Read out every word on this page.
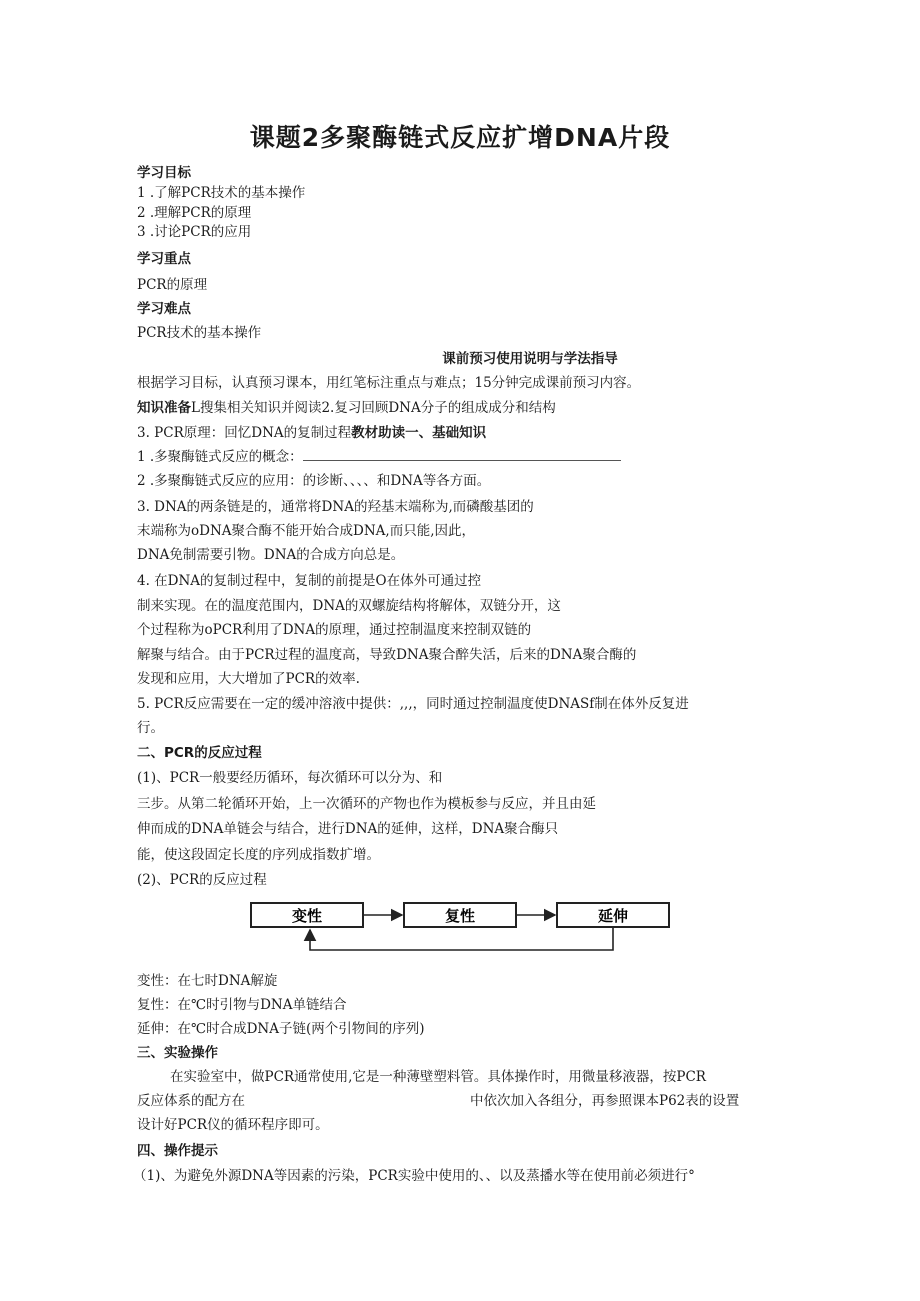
课题2多聚酶链式反应扩增DNA片段
学习目标
1 .了解PCR技术的基本操作
2 .理解PCR的原理
3 .讨论PCR的应用
学习重点
PCR的原理
学习难点
PCR技术的基本操作
课前预习使用说明与学法指导
根据学习目标，认真预习课本，用红笔标注重点与难点；15分钟完成课前预习内容。
知识准备L搜集相关知识并阅读2.复习回顾DNA分子的组成成分和结构
3. PCR原理：回忆DNA的复制过程教材助读一、基础知识
1 .多聚酶链式反应的概念：
2 .多聚酶链式反应的应用：的诊断、、、、和DNA等各方面。
3. DNA的两条链是的，通常将DNA的羟基末端称为,而磷酸基团的
末端称为oDNA聚合酶不能开始合成DNA,而只能,因此，
DNA免制需要引物。DNA的合成方向总是。
4. 在DNA的复制过程中，复制的前提是O在体外可通过控
制来实现。在的温度范围内，DNA的双螺旋结构将解体，双链分开，这
个过程称为oPCR利用了DNA的原理，通过控制温度来控制双链的
解聚与结合。由于PCR过程的温度高，导致DNA聚合醉失活，后来的DNA聚合酶的
发现和应用，大大增加了PCR的效率.
5. PCR反应需要在一定的缓冲溶液中提供：,,,，同时通过控制温度使DNASf制在体外反复进
行。
二、PCR的反应过程
(1)、PCR一般要经历循环，每次循环可以分为、和
三步。从第二轮循环开始，上一次循环的产物也作为模板参与反应，并且由延
伸而成的DNA单链会与结合，进行DNA的延伸，这样，DNA聚合酶只
能，使这段固定长度的序列成指数扩增。
(2)、PCR的反应过程
变性	复性	延伸
变性：在七时DNA解旋
复性：在℃时引物与DNA单链结合
延伸：在℃时合成DNA子链(两个引物间的序列)
三、实验操作
在实验室中，做PCR通常使用,它是一种薄壁塑料管。具体操作时，用微量移液器，按PCR
反应体系的配方在	中依次加入各组分，再参照课本P62表的设置
设计好PCR仪的循环程序即可。
四、操作提示
（1)、为避免外源DNA等因素的污染，PCR实验中使用的、、以及蒸播水等在使用前必须进行°
